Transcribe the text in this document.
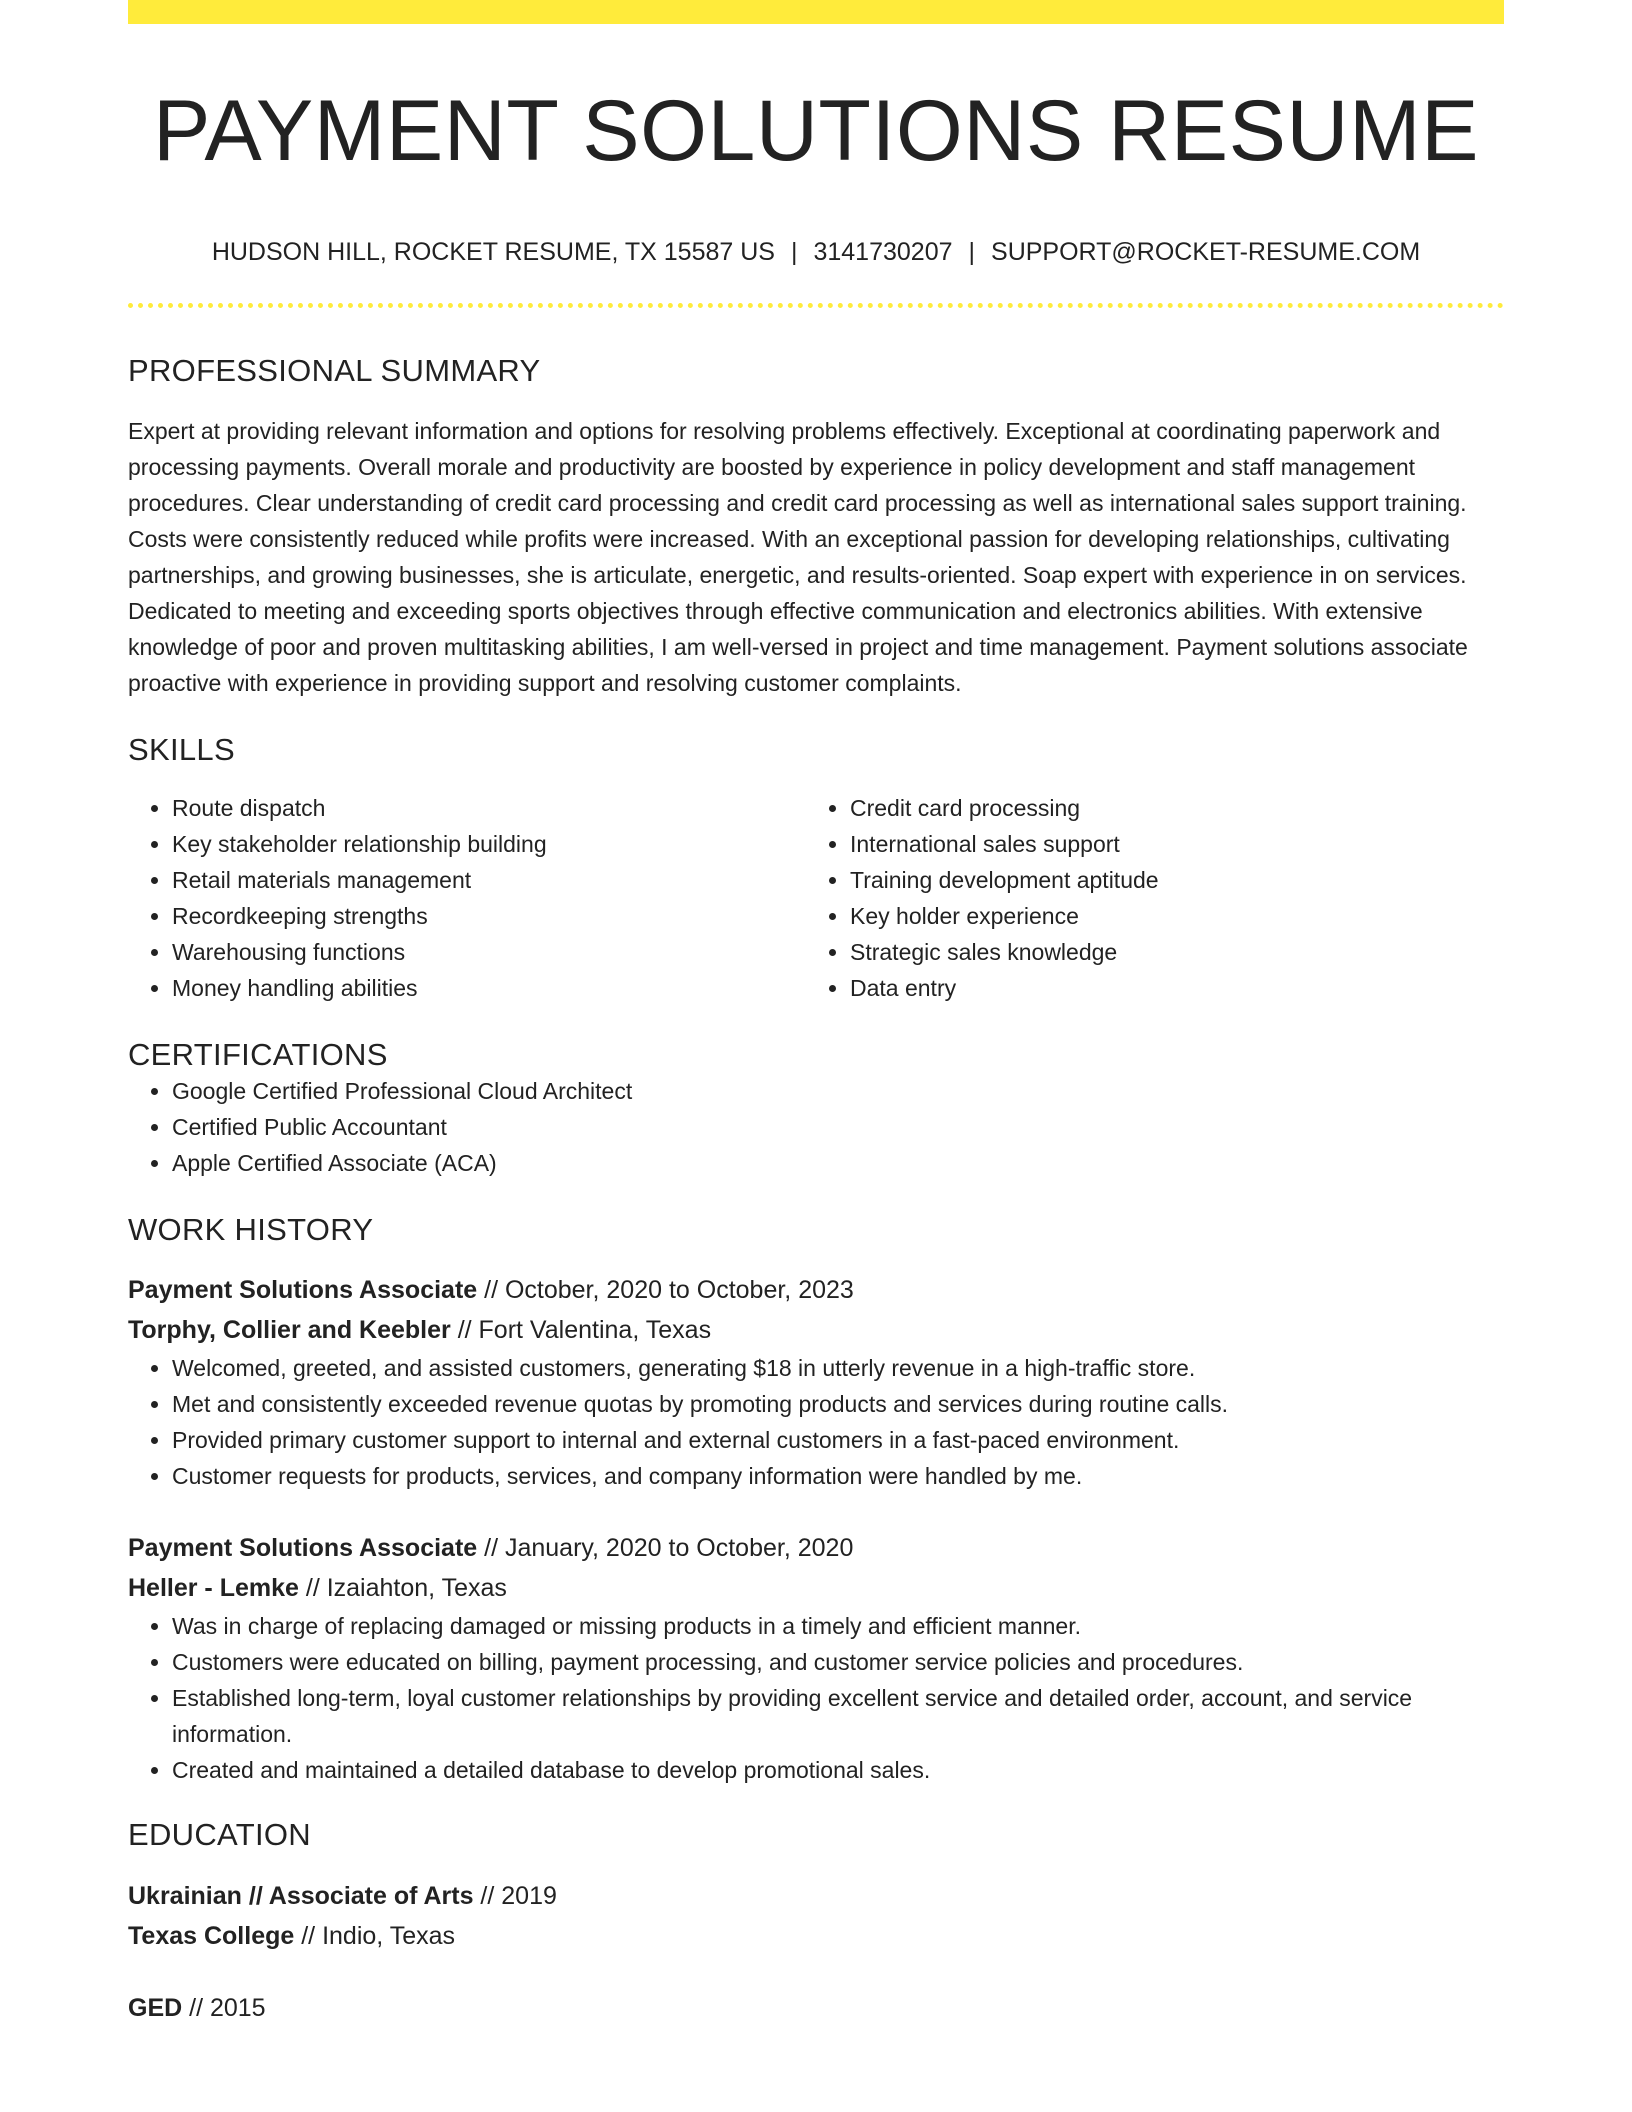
PAYMENT SOLUTIONS RESUME
HUDSON HILL, ROCKET RESUME, TX 15587 US | 3141730207 | SUPPORT@ROCKET-RESUME.COM
PROFESSIONAL SUMMARY
Expert at providing relevant information and options for resolving problems effectively. Exceptional at coordinating paperwork and processing payments. Overall morale and productivity are boosted by experience in policy development and staff management procedures. Clear understanding of credit card processing and credit card processing as well as international sales support training. Costs were consistently reduced while profits were increased. With an exceptional passion for developing relationships, cultivating partnerships, and growing businesses, she is articulate, energetic, and results-oriented. Soap expert with experience in on services. Dedicated to meeting and exceeding sports objectives through effective communication and electronics abilities. With extensive knowledge of poor and proven multitasking abilities, I am well-versed in project and time management. Payment solutions associate proactive with experience in providing support and resolving customer complaints.
SKILLS
• Route dispatch
• Key stakeholder relationship building
• Retail materials management
• Recordkeeping strengths
• Warehousing functions
• Money handling abilities
• Credit card processing
• International sales support
• Training development aptitude
• Key holder experience
• Strategic sales knowledge
• Data entry
CERTIFICATIONS
• Google Certified Professional Cloud Architect
• Certified Public Accountant
• Apple Certified Associate (ACA)
WORK HISTORY
Payment Solutions Associate // October, 2020 to October, 2023
Torphy, Collier and Keebler // Fort Valentina, Texas
• Welcomed, greeted, and assisted customers, generating $18 in utterly revenue in a high-traffic store.
• Met and consistently exceeded revenue quotas by promoting products and services during routine calls.
• Provided primary customer support to internal and external customers in a fast-paced environment.
• Customer requests for products, services, and company information were handled by me.
Payment Solutions Associate // January, 2020 to October, 2020
Heller - Lemke // Izaiahton, Texas
• Was in charge of replacing damaged or missing products in a timely and efficient manner.
• Customers were educated on billing, payment processing, and customer service policies and procedures.
• Established long-term, loyal customer relationships by providing excellent service and detailed order, account, and service information.
• Created and maintained a detailed database to develop promotional sales.
EDUCATION
Ukrainian // Associate of Arts // 2019
Texas College // Indio, Texas
GED // 2015
